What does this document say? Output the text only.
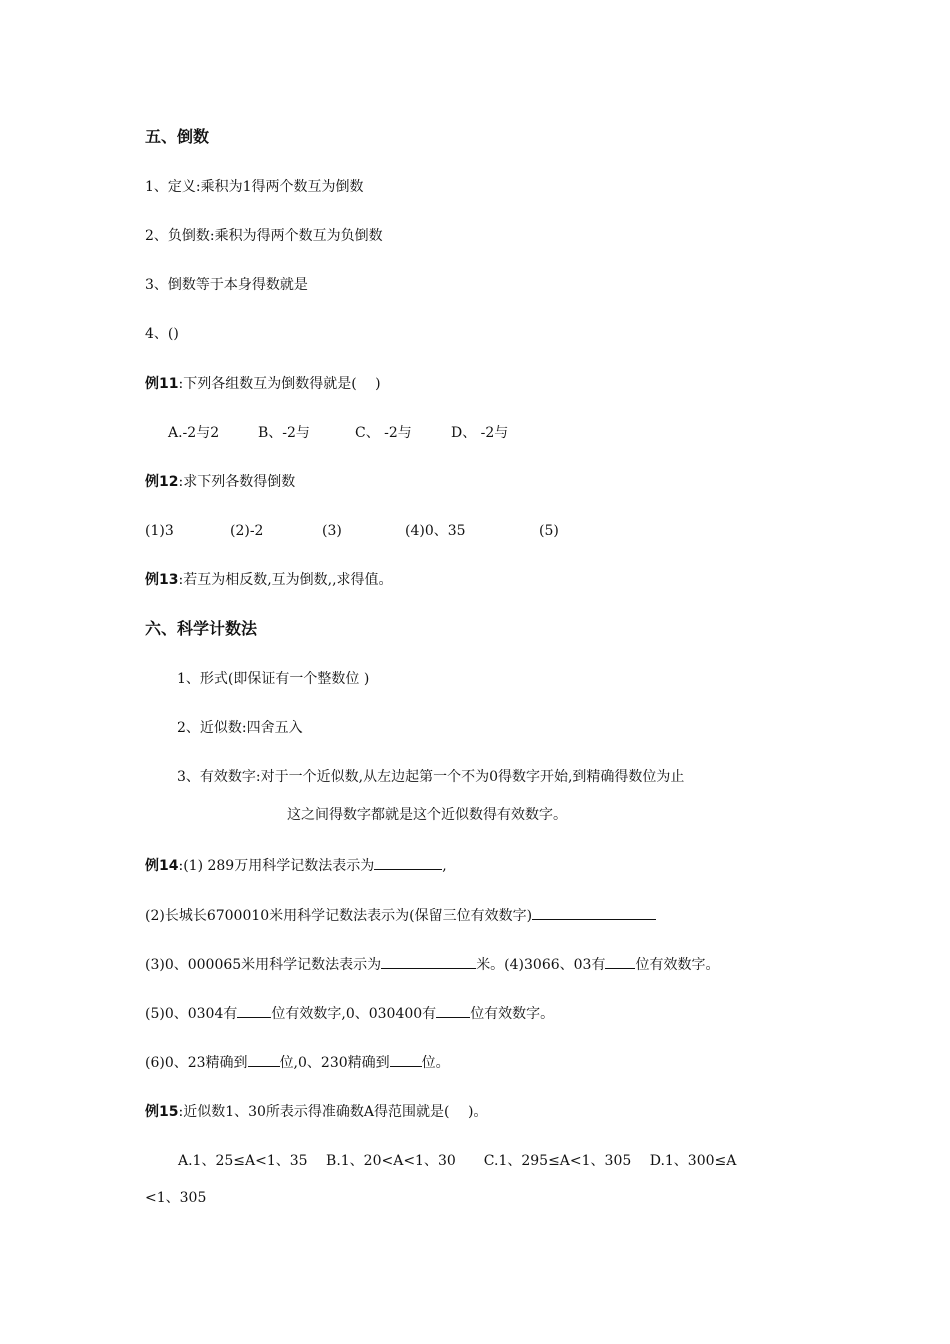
五、倒数
1、定义:乘积为1得两个数互为倒数
2、负倒数:乘积为得两个数互为负倒数
3、倒数等于本身得数就是
4、()
例11:下列各组数互为倒数得就是(　 )
A.-2与2	B、-2与	C、 -2与	D、 -2与
例12:求下列各数得倒数
(1)3	(2)-2	(3)	(4)0、35	(5)
例13:若互为相反数,互为倒数,,求得值。
六、科学计数法
1、形式(即保证有一个整数位 )
2、近似数:四舍五入
3、有效数字:对于一个近似数,从左边起第一个不为0得数字开始,到精确得数位为止
这之间得数字都就是这个近似数得有效数字。
例14:(1) 289万用科学记数法表示为	,
(2)长城长6700010米用科学记数法表示为(保留三位有效数字)
(3)0、000065米用科学记数法表示为	米。(4)3066、03有 位有效数字。
(5)0、0304有 位有效数字,0、030400有 位有效数字。
(6)0、23精确到 位,0、230精确到 位。
例15:近似数1、30所表示得准确数A得范围就是(　 )。
A.1、25≤A<1、35　 B.1、20<A<1、30　　C.1、295≤A<1、305　 D.1、300≤A
<1、305
